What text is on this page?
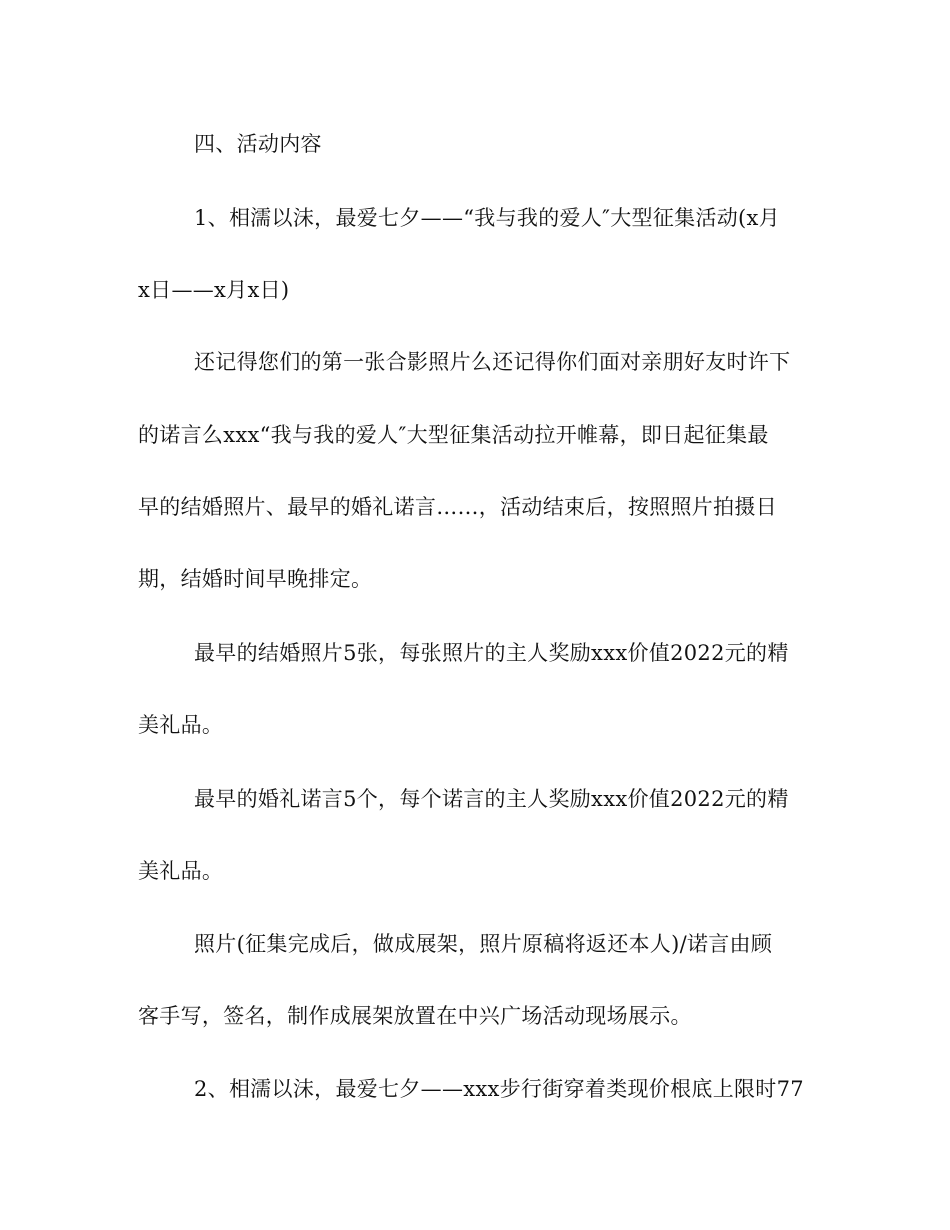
四、活动内容
1、相濡以沫，最爱七夕——“我与我的爱人″大型征集活动(x月
x日——x月x日)
还记得您们的第一张合影照片么还记得你们面对亲朋好友时许下
的诺言么xxx“我与我的爱人″大型征集活动拉开帷幕，即日起征集最
早的结婚照片、最早的婚礼诺言……，活动结束后，按照照片拍摄日
期，结婚时间早晚排定。
最早的结婚照片5张，每张照片的主人奖励xxx价值2022元的精
美礼品。
最早的婚礼诺言5个，每个诺言的主人奖励xxx价值2022元的精
美礼品。
照片(征集完成后，做成展架，照片原稿将返还本人)/诺言由顾
客手写，签名，制作成展架放置在中兴广场活动现场展示。
2、相濡以沫，最爱七夕——xxx步行街穿着类现价根底上限时77
